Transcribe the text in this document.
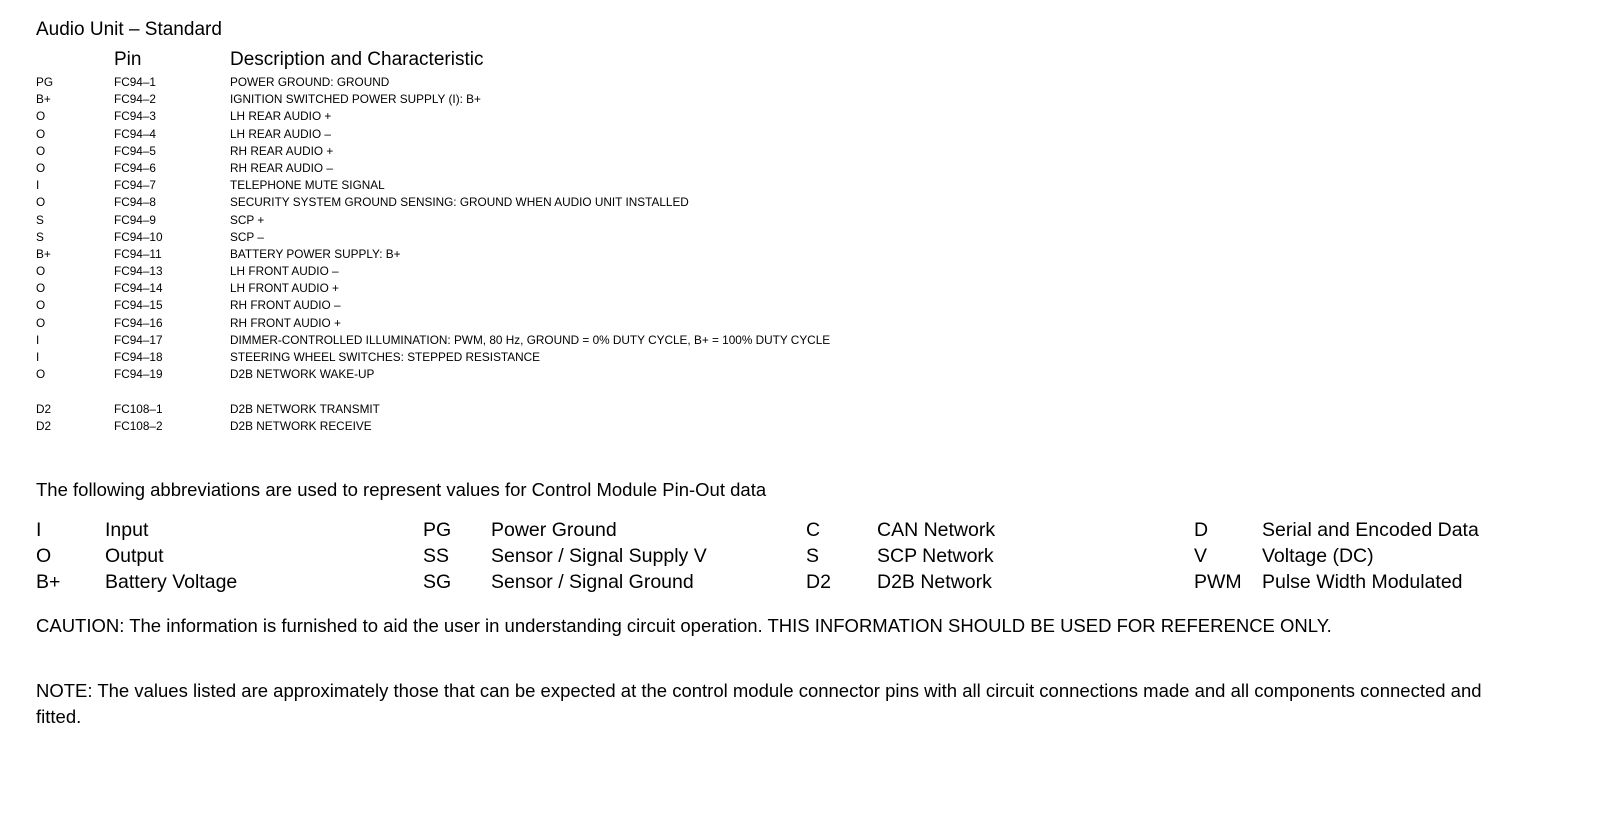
Audio Unit – Standard
Pin	Description and Characteristic
PG	FC94–1	POWER GROUND: GROUND
B+	FC94–2	IGNITION SWITCHED POWER SUPPLY (I): B+
O	FC94–3	LH REAR AUDIO +
O	FC94–4	LH REAR AUDIO –
O	FC94–5	RH REAR AUDIO +
O	FC94–6	RH REAR AUDIO –
I	FC94–7	TELEPHONE MUTE SIGNAL
O	FC94–8	SECURITY SYSTEM GROUND SENSING: GROUND WHEN AUDIO UNIT INSTALLED
S	FC94–9	SCP +
S	FC94–10	SCP –
B+	FC94–11	BATTERY POWER SUPPLY: B+
O	FC94–13	LH FRONT AUDIO –
O	FC94–14	LH FRONT AUDIO +
O	FC94–15	RH FRONT AUDIO –
O	FC94–16	RH FRONT AUDIO +
I	FC94–17	DIMMER-CONTROLLED ILLUMINATION: PWM, 80 Hz, GROUND = 0% DUTY CYCLE, B+ = 100% DUTY CYCLE
I	FC94–18	STEERING WHEEL SWITCHES: STEPPED RESISTANCE
O	FC94–19	D2B NETWORK WAKE-UP
D2	FC108–1	D2B NETWORK TRANSMIT
D2	FC108–2	D2B NETWORK RECEIVE
The following abbreviations are used to represent values for Control Module Pin-Out data
I	Input	PG Power Ground	C	CAN Network	D	Serial and Encoded Data
O	Output	SS Sensor / Signal Supply V	S	SCP Network	V	Voltage (DC)
B+ Battery Voltage	SG Sensor / Signal Ground	D2 D2B Network	PWM Pulse Width Modulated
CAUTION: The information is furnished to aid the user in understanding circuit operation. THIS INFORMATION SHOULD BE USED FOR REFERENCE ONLY.
NOTE: The values listed are approximately those that can be expected at the control module connector pins with all circuit connections made and all components connected and fitted.
